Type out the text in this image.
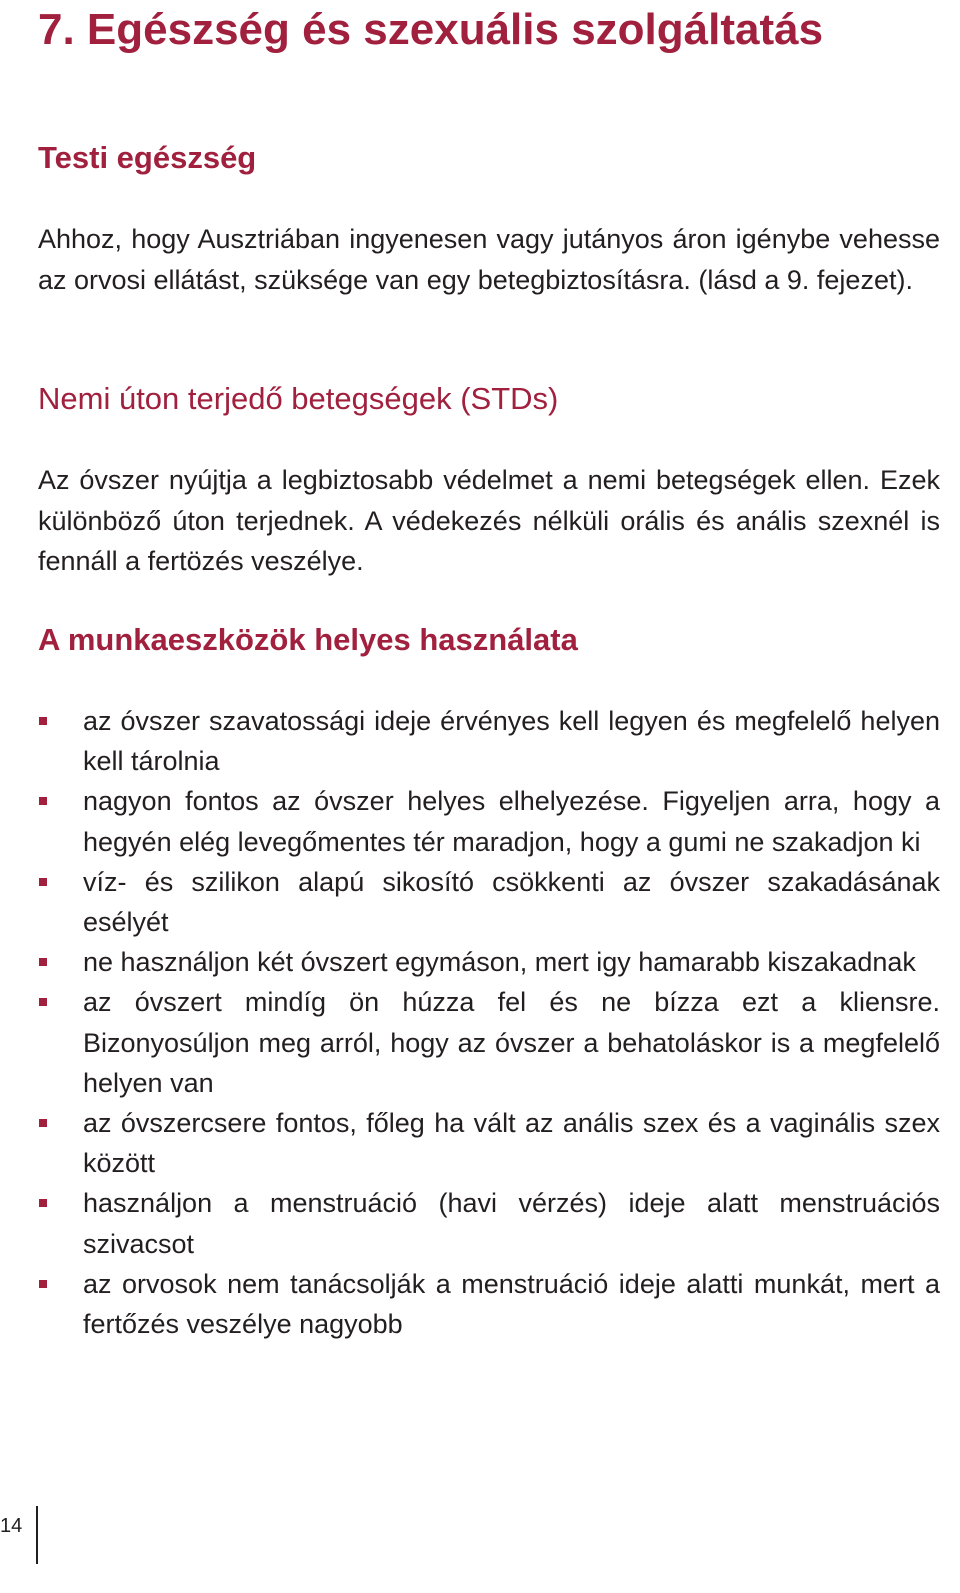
7. Egészség és szexuális szolgáltatás
Testi egészség

Ahhoz, hogy Ausztriában ingyenesen vagy jutányos áron igénybe vehesse az orvosi ellátást, szüksége van egy betegbiztosításra. (lásd a 9. fejezet).

Nemi úton terjedő betegségek (STDs)

Az óvszer nyújtja a legbiztosabb védelmet a nemi betegségek ellen. Ezek különböző úton terjednek. A védekezés nélküli orális és anális szexnél is fennáll a fertözés veszélye.

A munkaeszközök helyes használata
az óvszer szavatossági ideje érvényes kell legyen és megfelelő helyen kell tárolnia
nagyon fontos az óvszer helyes elhelyezése. Figyeljen arra, hogy a hegyén elég levegőmentes tér maradjon, hogy a gumi ne szakadjon ki
víz- és szilikon alapú sikosító csökkenti az óvszer szakadásának esélyét
ne használjon két óvszert egymáson, mert igy hamarabb kiszakadnak
az óvszert mindíg ön húzza fel és ne bízza ezt a kliensre. Bizonyosúljon meg arról, hogy az óvszer a behatoláskor is a megfelelő helyen van
az óvszercsere fontos, főleg ha vált az anális szex és a vaginális szex között
használjon a menstruáció (havi vérzés) ideje alatt menstruációs szivacsot
az orvosok nem tanácsolják a menstruáció ideje alatti munkát, mert a fertőzés veszélye nagyobb
14
